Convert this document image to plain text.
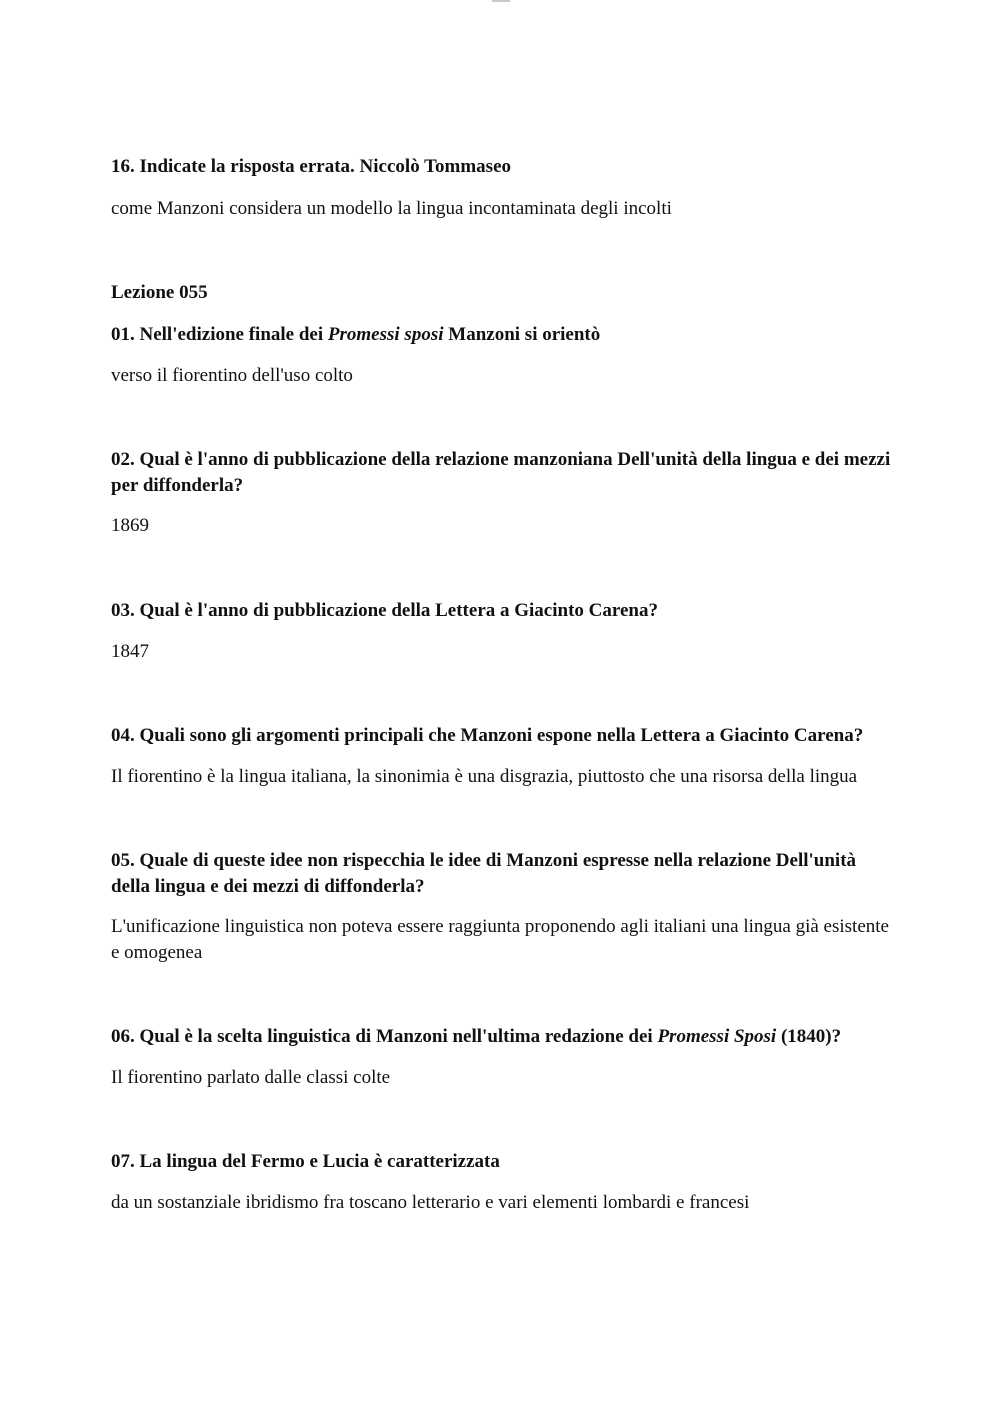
16. Indicate la risposta errata. Niccolò Tommaseo

come Manzoni considera un modello la lingua incontaminata degli incolti

Lezione 055

01. Nell'edizione finale dei Promessi sposi Manzoni si orientò

verso il fiorentino dell'uso colto

02. Qual è l'anno di pubblicazione della relazione manzoniana Dell'unità della lingua e dei mezzi per diffonderla?

1869

03. Qual è l'anno di pubblicazione della Lettera a Giacinto Carena?

1847

04. Quali sono gli argomenti principali che Manzoni espone nella Lettera a Giacinto Carena?

Il fiorentino è la lingua italiana, la sinonimia è una disgrazia, piuttosto che una risorsa della lingua

05. Quale di queste idee non rispecchia le idee di Manzoni espresse nella relazione Dell'unità della lingua e dei mezzi di diffonderla?

L'unificazione linguistica non poteva essere raggiunta proponendo agli italiani una lingua già esistente e omogenea

06. Qual è la scelta linguistica di Manzoni nell'ultima redazione dei Promessi Sposi (1840)?

Il fiorentino parlato dalle classi colte

07. La lingua del Fermo e Lucia è caratterizzata

da un sostanziale ibridismo fra toscano letterario e vari elementi lombardi e francesi
